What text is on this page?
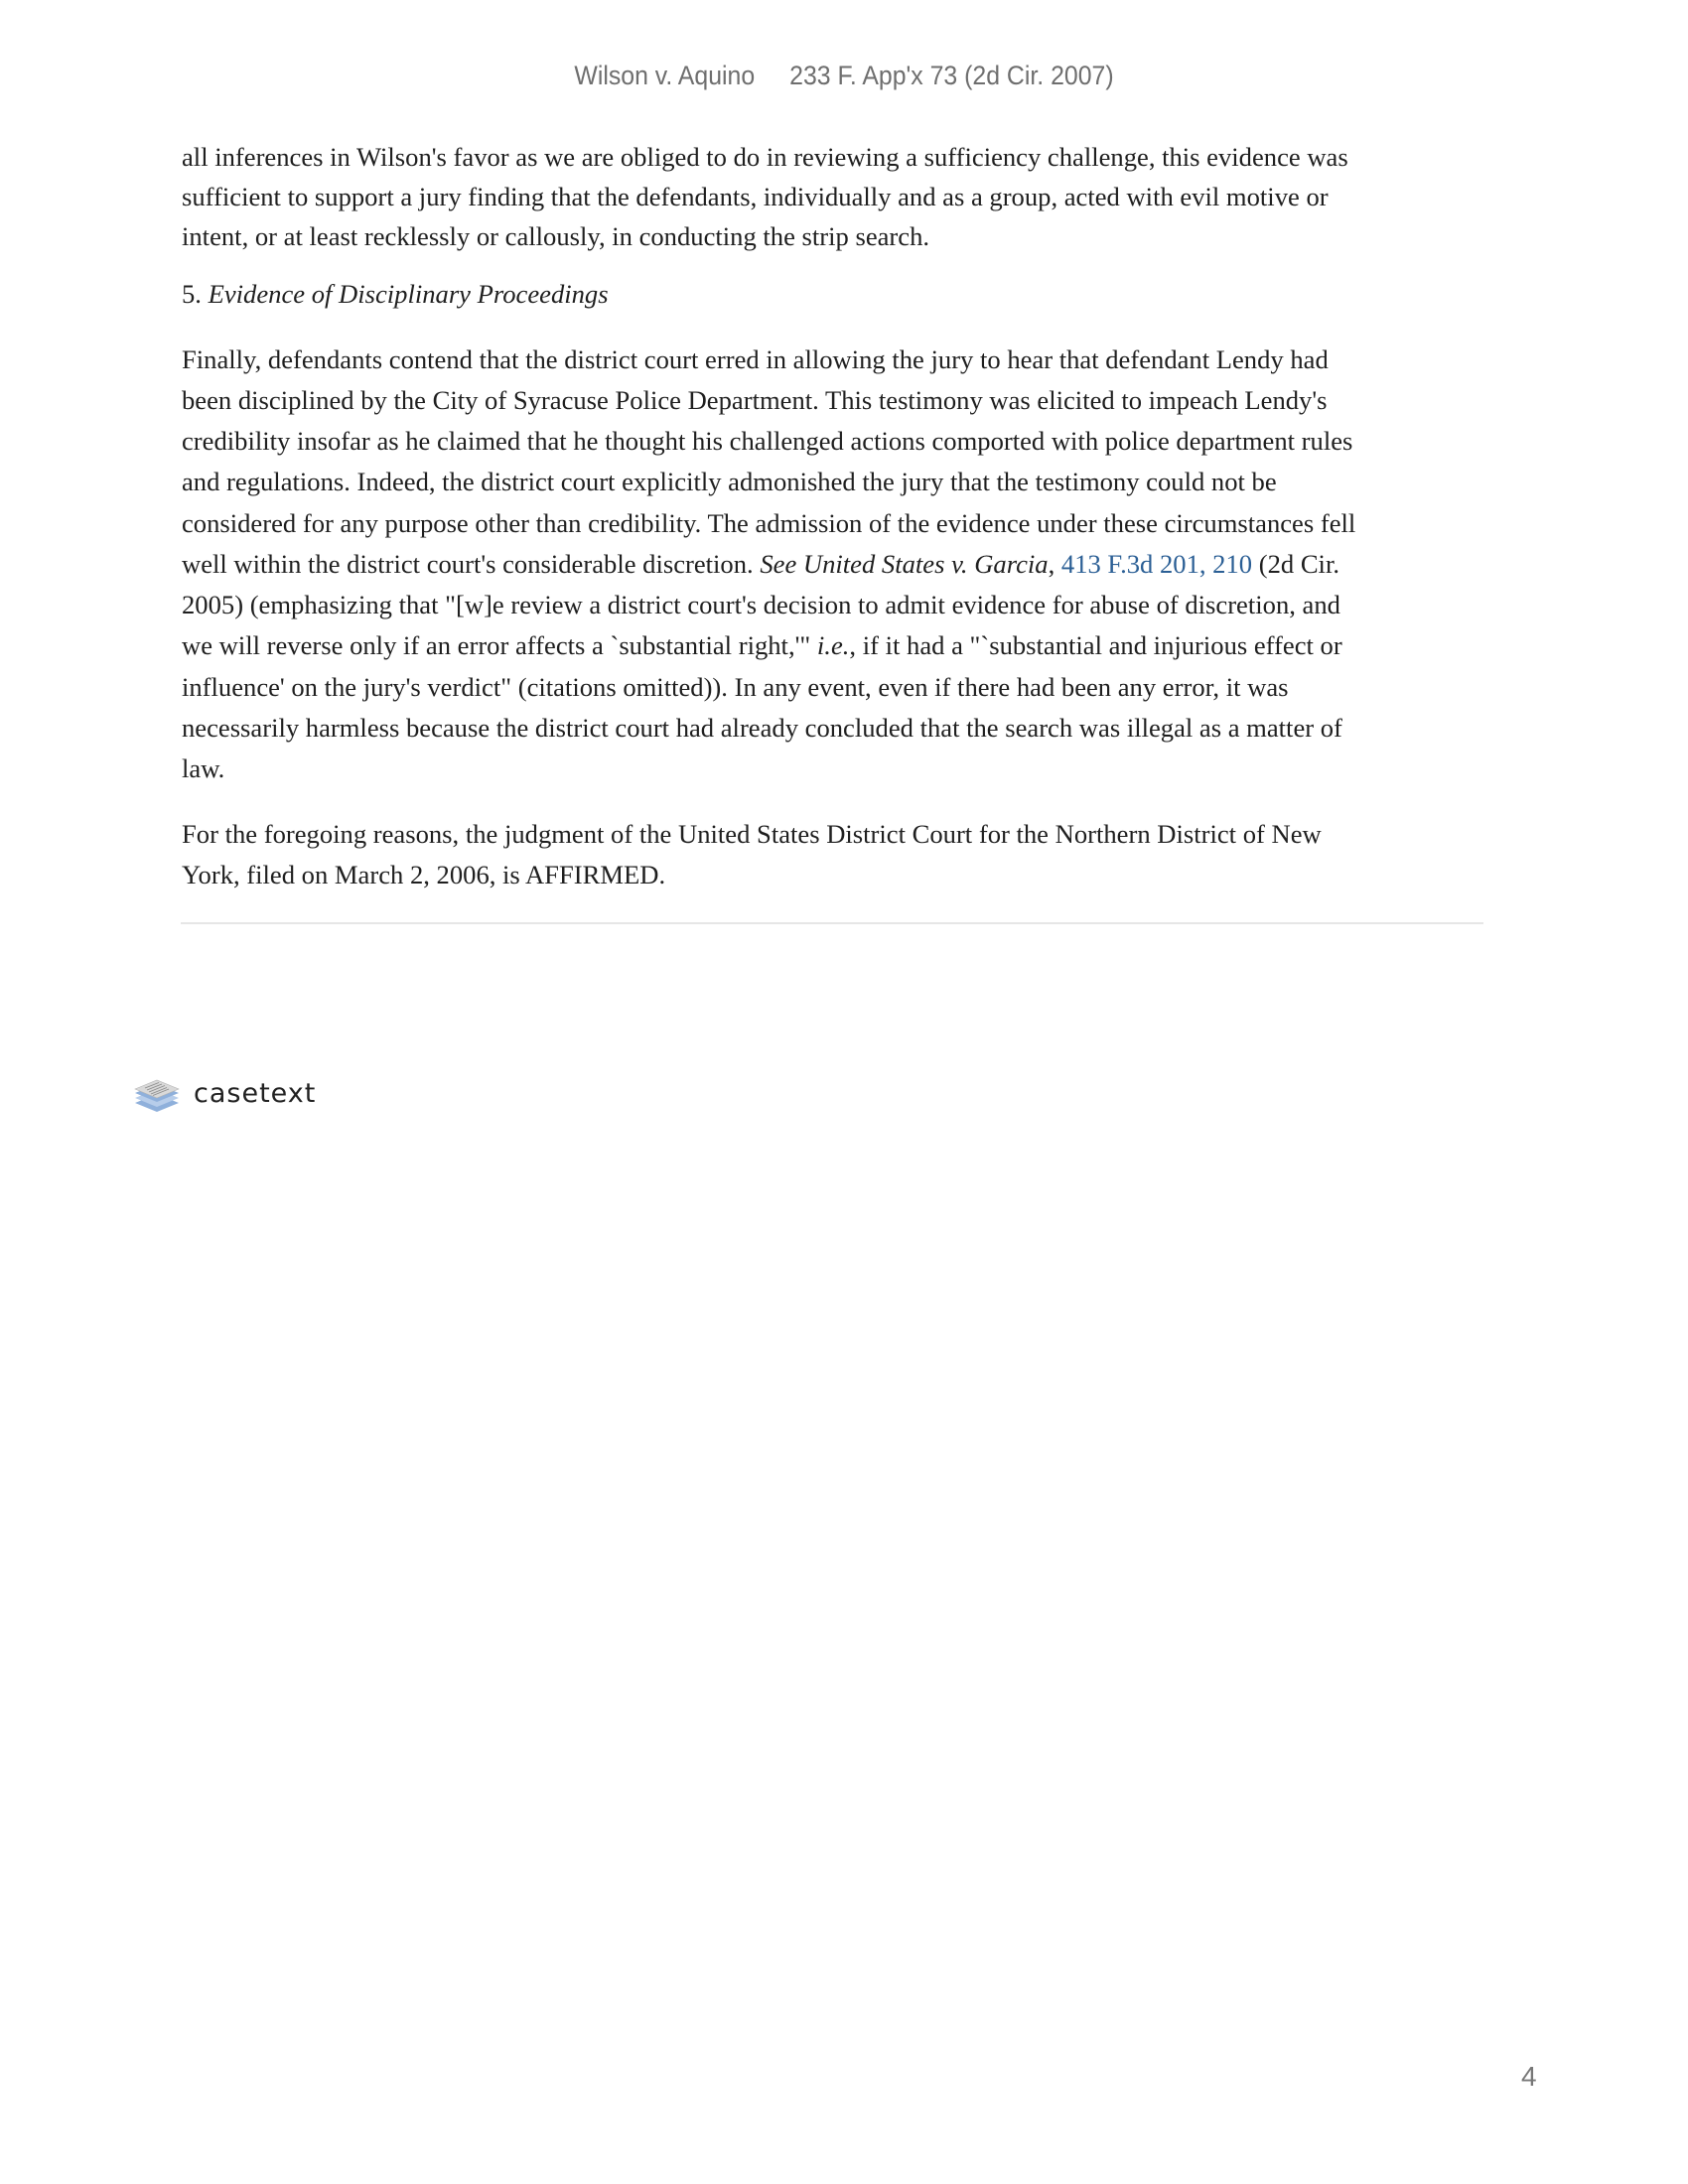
Wilson v. Aquino 233 F. App'x 73 (2d Cir. 2007)
all inferences in Wilson's favor as we are obliged to do in reviewing a sufficiency challenge, this evidence was
sufficient to support a jury finding that the defendants, individually and as a group, acted with evil motive or
intent, or at least recklessly or callously, in conducting the strip search.
5. Evidence of Disciplinary Proceedings
Finally, defendants contend that the district court erred in allowing the jury to hear that defendant Lendy had
been disciplined by the City of Syracuse Police Department. This testimony was elicited to impeach Lendy's
credibility insofar as he claimed that he thought his challenged actions comported with police department rules
and regulations. Indeed, the district court explicitly admonished the jury that the testimony could not be
considered for any purpose other than credibility. The admission of the evidence under these circumstances fell
well within the district court's considerable discretion. See United States v. Garcia, 413 F.3d 201, 210 (2d Cir.
2005) (emphasizing that "[w]e review a district court's decision to admit evidence for abuse of discretion, and
we will reverse only if an error affects a `substantial right,'" i.e., if it had a "`substantial and injurious effect or
influence' on the jury's verdict" (citations omitted)). In any event, even if there had been any error, it was
necessarily harmless because the district court had already concluded that the search was illegal as a matter of
law.
For the foregoing reasons, the judgment of the United States District Court for the Northern District of New
York, filed on March 2, 2006, is AFFIRMED.
casetext
4
